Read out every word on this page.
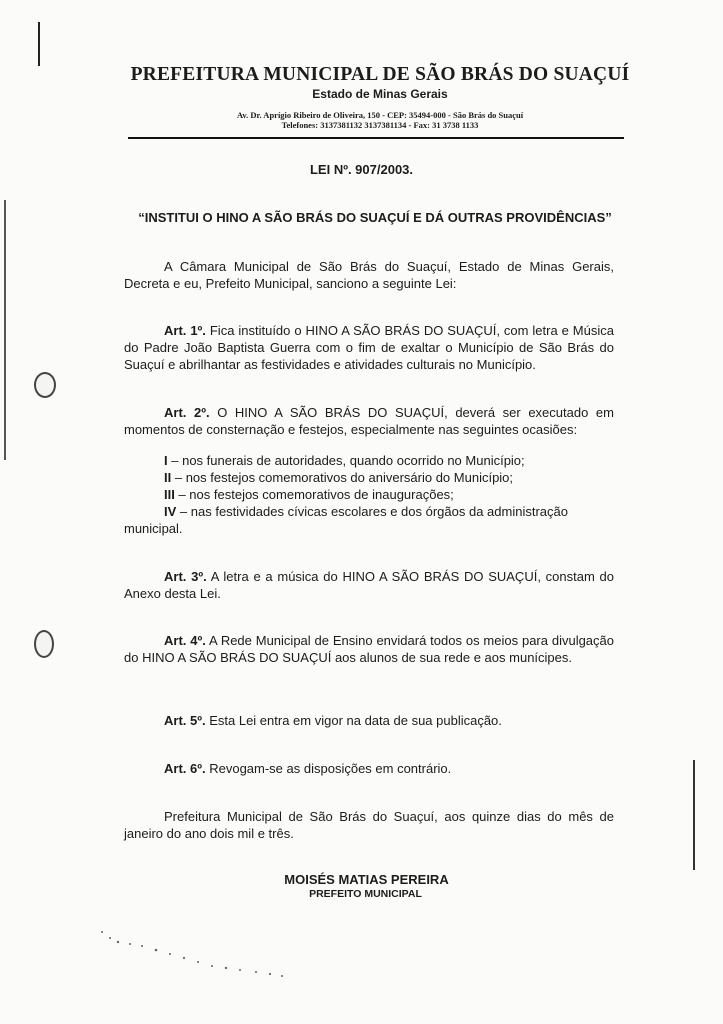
PREFEITURA MUNICIPAL DE SÃO BRÁS DO SUAÇUÍ
Estado de Minas Gerais
Av. Dr. Aprígio Ribeiro de Oliveira, 150 - CEP: 35494-000 - São Brás do Suaçuí
Telefones: 3137381132 3137381134 - Fax: 31 3738 1133
LEI Nº. 907/2003.
“INSTITUI O HINO A SÃO BRÁS DO SUAÇUÍ E DÁ OUTRAS PROVIDÊNCIAS”
A Câmara Municipal de São Brás do Suaçuí, Estado de Minas Gerais, Decreta e eu, Prefeito Municipal, sanciono a seguinte Lei:
Art. 1º. Fica instituído o HINO A SÃO BRÁS DO SUAÇUÍ, com letra e Música do Padre João Baptista Guerra com o fim de exaltar o Município de São Brás do Suaçuí e abrilhantar as festividades e atividades culturais no Município.
Art. 2º. O HINO A SÃO BRÁS DO SUAÇUÍ, deverá ser executado em momentos de consternação e festejos, especialmente nas seguintes ocasiões:
I – nos funerais de autoridades, quando ocorrido no Município;
II – nos festejos comemorativos do aniversário do Município;
III – nos festejos comemorativos de inaugurações;
IV – nas festividades cívicas escolares e dos órgãos da administração
municipal.
Art. 3º. A letra e a música do HINO A SÃO BRÁS DO SUAÇUÍ, constam do Anexo desta Lei.
Art. 4º. A Rede Municipal de Ensino envidará todos os meios para divulgação do HINO A SÃO BRÁS DO SUAÇUÍ aos alunos de sua rede e aos munícipes.
Art. 5º. Esta Lei entra em vigor na data de sua publicação.
Art. 6º. Revogam-se as disposições em contrário.
Prefeitura Municipal de São Brás do Suaçuí, aos quinze dias do mês de janeiro do ano dois mil e três.
MOISÉS MATIAS PEREIRA
PREFEITO MUNICIPAL
